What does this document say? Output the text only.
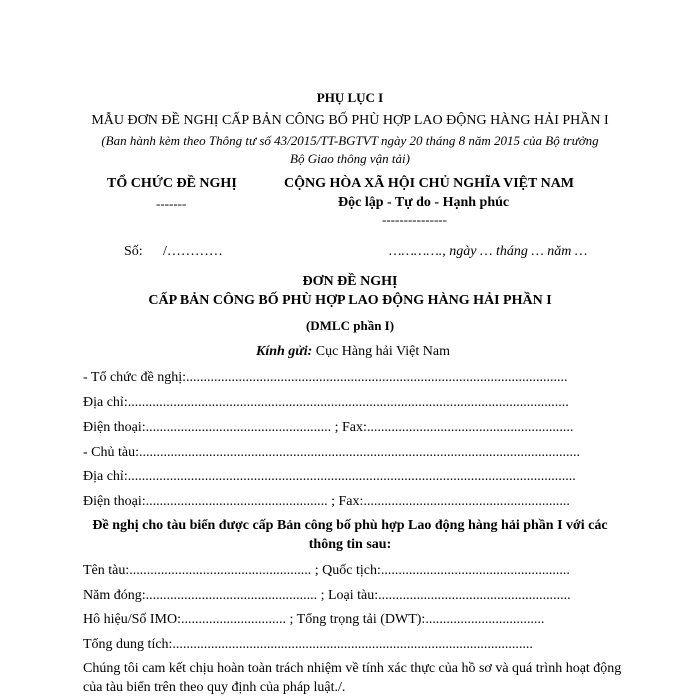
PHỤ LỤC I
MẪU ĐƠN ĐỀ NGHỊ CẤP BẢN CÔNG BỐ PHÙ HỢP LAO ĐỘNG HÀNG HẢI PHẦN I
(Ban hành kèm theo Thông tư số 43/2015/TT-BGTVT ngày 20 tháng 8 năm 2015 của Bộ trưởng
Bộ Giao thông vận tải)
TỔ CHỨC ĐỀ NGHỊ
-------
CỘNG HÒA XÃ HỘI CHỦ NGHĨA VIỆT NAM
Độc lập - Tự do - Hạnh phúc
---------------
Số: /…………	…………., ngày … tháng … năm …
ĐƠN ĐỀ NGHỊ
CẤP BẢN CÔNG BỐ PHÙ HỢP LAO ĐỘNG HÀNG HẢI PHẦN I
(DMLC phần I)
Kính gửi: Cục Hàng hải Việt Nam
- Tổ chức đề nghị:.............................................................................................................
Địa chỉ:..............................................................................................................................
Điện thoại:..................................................... ; Fax:...........................................................
- Chủ tàu:..............................................................................................................................
Địa chỉ:................................................................................................................................
Điện thoại:.................................................... ; Fax:...........................................................
Đề nghị cho tàu biển được cấp Bản công bố phù hợp Lao động hàng hải phần I với các
thông tin sau:
Tên tàu:.................................................... ; Quốc tịch:......................................................
Năm đóng:................................................. ; Loại tàu:.......................................................
Hô hiệu/Số IMO:.............................. ; Tổng trọng tải (DWT):..................................
Tổng dung tích:.......................................................................................................
Chúng tôi cam kết chịu hoàn toàn trách nhiệm về tính xác thực của hồ sơ và quá trình hoạt động
của tàu biển trên theo quy định của pháp luật./.
